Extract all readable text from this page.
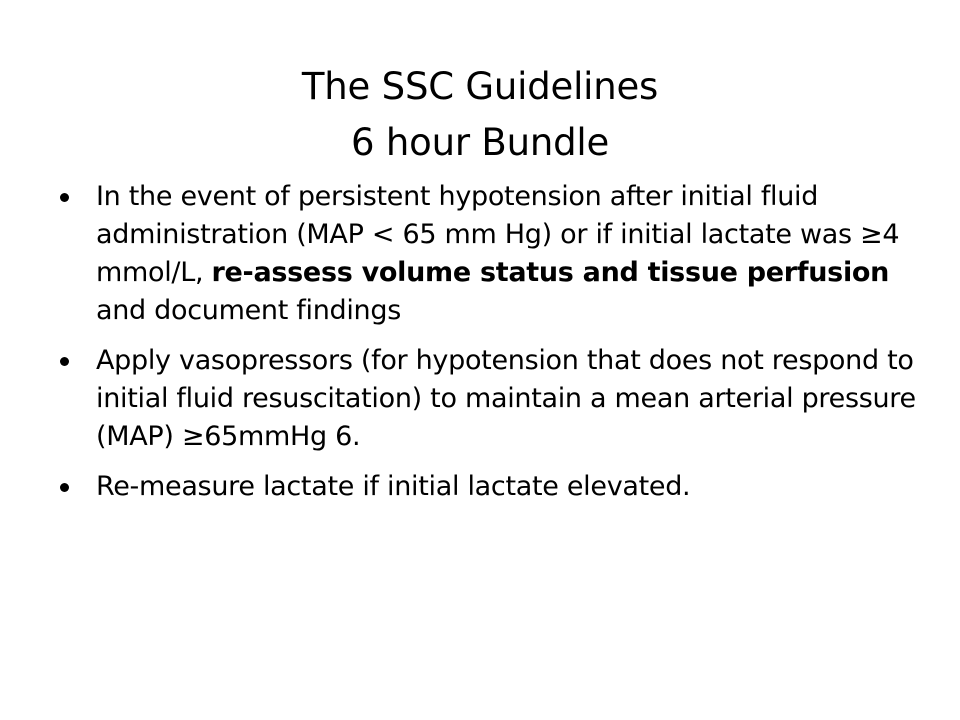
The SSC Guidelines
6 hour Bundle
In the event of persistent hypotension after initial fluid administration (MAP < 65 mm Hg) or if initial lactate was ≥4 mmol/L, re-assess volume status and tissue perfusion and document findings
Apply vasopressors (for hypotension that does not respond to initial fluid resuscitation) to maintain a mean arterial pressure (MAP) ≥65mmHg 6.
Re-measure lactate if initial lactate elevated.
